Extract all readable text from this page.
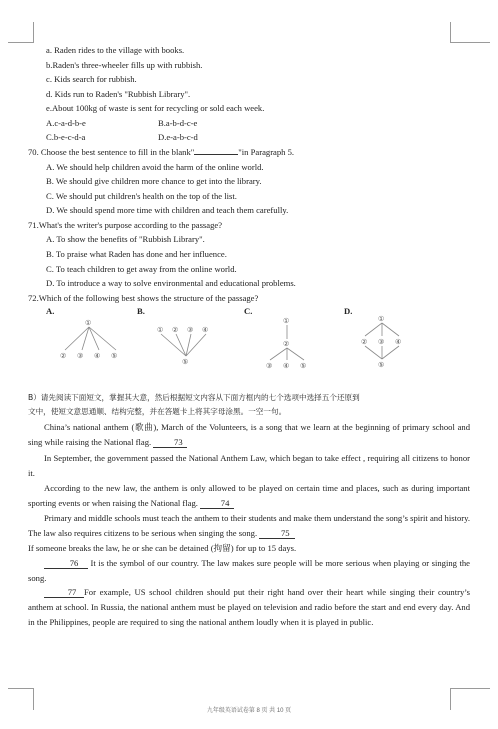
a. Raden rides to the village with books.
b.Raden's three-wheeler fills up with rubbish.
c. Kids search for rubbish.
d. Kids run to Raden's "Rubbish Library".
e.About 100kg of waste is sent for recycling or sold each week.
A.c-a-d-b-e	B.a-b-d-c-e
C.b-e-c-d-a	D.e-a-b-c-d
70. Choose the best sentence to fill in the blank"	"in Paragraph 5.
A. We should help children avoid the harm of the online world.
B. We should give children more chance to get into the library.
C. We should put children's health on the top of the list.
D. We should spend more time with children and teach them carefully.
71.What's the writer's purpose according to the passage?
A. To show the benefits of "Rubbish Library".
B. To praise what Raden has done and her influence.
C. To teach children to get away from the online world.
D. To introduce a way to solve environmental and educational problems.
72.Which of the following best shows the structure of the passage?
A.	B.	C.	D.
①
② ③ ④ ⑤
① ② ③ ④
⑤
①
②
③ ④ ⑤
①
② ③ ④
⑤
B）请先阅读下面短文，掌握其大意，然后根据短文内容从下面方框内的七个选项中选择五个还原到
文中，使短文意思通顺、结构完整，并在答题卡上将其字母涂黑。一空一句。
China’s national anthem (歌曲), March of the Volunteers, is a song that we learn at the beginning of primary school and sing while raising the National flag.	73
In September, the government passed the National Anthem Law, which began to take effect , requiring all citizens to honor it.
According to the new law, the anthem is only allowed to be played on certain time and places, such as during important sporting events or when raising the National flag.	74
Primary and middle schools must teach the anthem to their students and make them understand the song’s spirit and history. The law also requires citizens to be serious when singing the song.	75
If someone breaks the law, he or she can be detained (拘留) for up to 15 days.
76 It is the symbol of our country. The law makes sure people will be more serious when playing or singing the song.
77 For example, US school children should put their right hand over their heart while singing their country’s anthem at school. In Russia, the national anthem must be played on television and radio before the start and end every day. And in the Philippines, people are required to sing the national anthem loudly when it is played in public.
九年级英语试卷第 8 页 共 10 页
